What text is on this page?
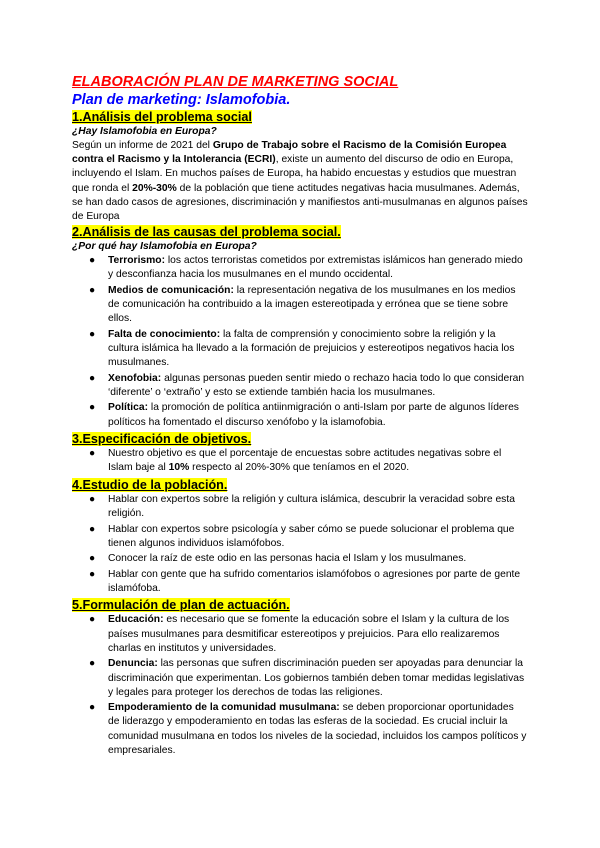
ELABORACIÓN PLAN DE MARKETING SOCIAL

Plan de marketing: Islamofobia.

1.Análisis del problema social

¿Hay Islamofobia en Europa?

Según un informe de 2021 del Grupo de Trabajo sobre el Racismo de la Comisión Europea contra el Racismo y la Intolerancia (ECRI), existe un aumento del discurso de odio en Europa, incluyendo el Islam. En muchos países de Europa, ha habido encuestas y estudios que muestran que ronda el 20%-30% de la población que tiene actitudes negativas hacia musulmanes. Además, se han dado casos de agresiones, discriminación y manifiestos anti-musulmanas en algunos países de Europa

2.Análisis de las causas del problema social.

¿Por qué hay Islamofobia en Europa?

● Terrorismo: los actos terroristas cometidos por extremistas islámicos han generado miedo y desconfianza hacia los musulmanes en el mundo occidental.
● Medios de comunicación: la representación negativa de los musulmanes en los medios de comunicación ha contribuido a la imagen estereotipada y errónea que se tiene sobre ellos.
● Falta de conocimiento: la falta de comprensión y conocimiento sobre la religión y la cultura islámica ha llevado a la formación de prejuicios y estereotipos negativos hacia los musulmanes.
● Xenofobia: algunas personas pueden sentir miedo o rechazo hacia todo lo que consideran ‘diferente’ o ‘extraño’ y esto se extiende también hacia los musulmanes.
● Política: la promoción de política antiinmigración o anti-Islam por parte de algunos líderes políticos ha fomentado el discurso xenófobo y la islamofobia.

3.Especificación de objetivos.

● Nuestro objetivo es que el porcentaje de encuestas sobre actitudes negativas sobre el Islam baje al 10% respecto al 20%-30% que teníamos en el 2020.

4.Estudio de la población.

● Hablar con expertos sobre la religión y cultura islámica, descubrir la veracidad sobre esta religión.
● Hablar con expertos sobre psicología y saber cómo se puede solucionar el problema que tienen algunos individuos islamófobos.
● Conocer la raíz de este odio en las personas hacia el Islam y los musulmanes.
● Hablar con gente que ha sufrido comentarios islamófobos o agresiones por parte de gente islamófoba.

5.Formulación de plan de actuación.

● Educación: es necesario que se fomente la educación sobre el Islam y la cultura de los países musulmanes para desmitificar estereotipos y prejuicios. Para ello realizaremos charlas en institutos y universidades.
● Denuncia: las personas que sufren discriminación pueden ser apoyadas para denunciar la discriminación que experimentan. Los gobiernos también deben tomar medidas legislativas y legales para proteger los derechos de todas las religiones.
● Empoderamiento de la comunidad musulmana: se deben proporcionar oportunidades de liderazgo y empoderamiento en todas las esferas de la sociedad. Es crucial incluir la comunidad musulmana en todos los niveles de la sociedad, incluidos los campos políticos y empresariales.
